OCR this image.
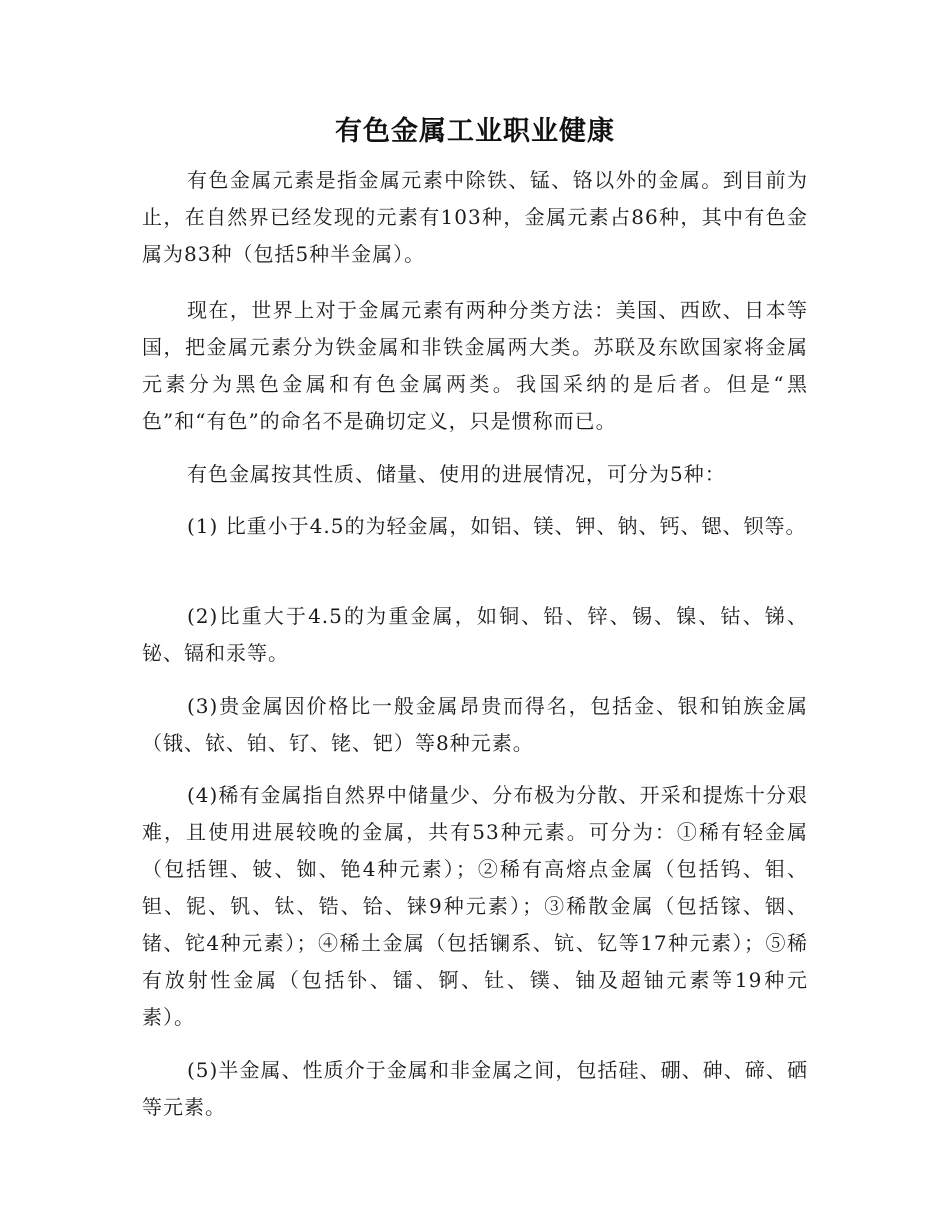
有色金属工业职业健康

有色金属元素是指金属元素中除铁、锰、铬以外的金属。到目前为止，在自然界已经发现的元素有103种，金属元素占86种，其中有色金属为83种（包括5种半金属）。

现在，世界上对于金属元素有两种分类方法：美国、西欧、日本等国，把金属元素分为铁金属和非铁金属两大类。苏联及东欧国家将金属元素分为黑色金属和有色金属两类。我国采纳的是后者。但是“黑色”和“有色”的命名不是确切定义，只是惯称而已。

有色金属按其性质、储量、使用的进展情况，可分为5种：

(1) 比重小于4.5的为轻金属，如铝、镁、钾、钠、钙、锶、钡等。

(2)比重大于4.5的为重金属，如铜、铅、锌、锡、镍、钴、锑、铋、镉和汞等。

(3)贵金属因价格比一般金属昂贵而得名，包括金、银和铂族金属（锇、铱、铂、钌、铑、钯）等8种元素。

(4)稀有金属指自然界中储量少、分布极为分散、开采和提炼十分艰难，且使用进展较晚的金属，共有53种元素。可分为：①稀有轻金属（包括锂、铍、铷、铯4种元素）；②稀有高熔点金属（包括钨、钼、钽、铌、钒、钛、锆、铪、铼9种元素）；③稀散金属（包括镓、铟、锗、铊4种元素）；④稀土金属（包括镧系、钪、钇等17种元素）；⑤稀有放射性金属（包括钋、镭、锕、钍、镤、铀及超铀元素等19种元素）。

(5)半金属、性质介于金属和非金属之间，包括硅、硼、砷、碲、硒等元素。
